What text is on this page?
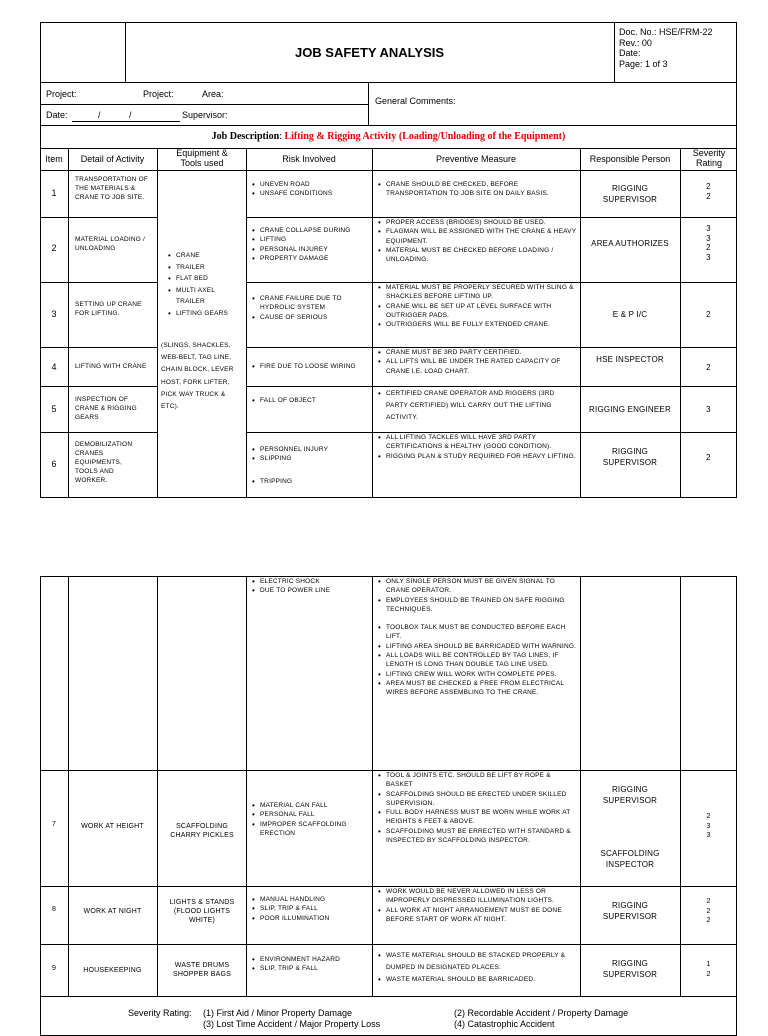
JOB SAFETY ANALYSIS
Doc. No.: HSE/FRM-22
Rev.: 00
Date:
Page: 1 of 3
Project:	Project:	Area:
General Comments:
Date:	/ /	Supervisor:
Job Description: Lifting & Rigging Activity (Loading/Unloading of the Equipment)
Item	Detail of Activity
Equipment & Tools used	Risk Involved	Preventive Measure	Responsible Person
Severity Rating
• CRANE
• TRAILER
• FLAT BED
• MULTI AXEL TRAILER
• LIFTING GEARS
(SLINGS, SHACKLES, WEB-BELT, TAG LINE, CHAIN BLOCK, LEVER HOST, FORK LIFTER, PICK WAY TRUCK & ETC).
1
TRANSPORTATION OF THE MATERIALS & CRANE TO JOB SITE.
• UNEVEN ROAD
• UNSAFE CONDITIONS
• CRANE SHOULD BE CHECKED, BEFORE TRANSPORTATION TO JOB SITE ON DAILY BASIS.
RIGGING SUPERVISOR
2
2
2
MATERIAL LOADING / UNLOADING
• CRANE COLLAPSE DURING
• LIFTING
• PERSONAL INJUREY
• PROPERTY DAMAGE
• PROPER ACCESS (BRIDGES) SHOULD BE USED.
• FLAGMAN WILL BE ASSIGNED WITH THE CRANE & HEAVY EQUIPMENT.
• MATERIAL MUST BE CHECKED BEFORE LOADING / UNLOADING.
AREA AUTHORIZES
3
3
2
3
3
SETTING UP CRANE FOR LIFTING.
• CRANE FAILURE DUE TO HYDROLIC SYSTEM
• CAUSE OF SERIOUS
• MATERIAL MUST BE PROPERLY SECURED WITH SLING & SHACKLES BEFORE LIFTING UP.
• CRANE WILL BE SET UP AT LEVEL SURFACE WITH OUTRIGGER PADS.
• OUTRIGGERS WILL BE FULLY EXTENDED CRANE.
E & P I/C	2
4	LIFTING WITH CRANE
•	FIRE DUE TO LOOSE WIRING
• CRANE MUST BE 3RD PARTY CERTIFIED.
• ALL LIFTS WILL BE UNDER THE RATED CAPACITY OF CRANE I.E. LOAD CHART.
HSE INSPECTOR
2
5
INSPECTION OF CRANE & RIGGING GEARS
• FALL OF OBJECT
• CERTIFIED CRANE OPERATOR AND RIGGERS (3RD PARTY CERTIFIED) WILL CARRY OUT THE LIFTING ACTIVITY.
RIGGING ENGINEER	3
6
DEMOBILIZATION CRANES EQUIPMENTS, TOOLS AND WORKER.
• PERSONNEL INJURY
• SLIPPING
• TRIPPING
• ALL LIFTING TACKLES WILL HAVE 3RD PARTY CERTIFICATIONS & HEALTHY (GOOD CONDITION).
• RIGGING PLAN & STUDY REQUIRED FOR HEAVY LIFTING.
RIGGING SUPERVISOR
2
• ELECTRIC SHOCK
• DUE TO POWER LINE
• ONLY SINGLE PERSON MUST BE GIVEN SIGNAL TO CRANE OPERATOR.
• EMPLOYEES SHOULD BE TRAINED ON SAFE RIGGING TECHNIQUES.
• TOOLBOX TALK MUST BE CONDUCTED BEFORE EACH LIFT.
• LIFTING AREA SHOULD BE BARRICADED WITH WARNING.
• ALL LOADS WILL BE CONTROLLED BY TAG LINES, IF LENGTH IS LONG THAN DOUBLE TAG LINE USED.
• LIFTING CREW WILL WORK WITH COMPLETE PPES.
• AREA MUST BE CHECKED & FREE FROM ELECTRICAL WIRES BEFORE ASSEMBLING TO THE CRANE.
7	WORK AT HEIGHT	SCAFFOLDING CHARRY PICKLES
• MATERIAL CAN FALL
• PERSONAL FALL
• IMPROPER SCAFFOLDING ERECTION
• TOOL & JOINTS ETC. SHOULD BE LIFT BY ROPE & BASKET
• SCAFFOLDING SHOULD BE ERECTED UNDER SKILLED SUPERVISION.
• FULL BODY HARNESS MUST BE WORN WHILE WORK AT HEIGHTS 6 FEET & ABOVE.
• SCAFFOLDING MUST BE ERRECTED WITH STANDARD & INSPECTED BY SCAFFOLDING INSPECTOR.
RIGGING SUPERVISOR
SCAFFOLDING INSPECTOR
2
3
3
8	WORK AT NIGHT
LIGHTS & STANDS (FLOOD LIGHTS WHITE)
• MANUAL HANDLING
• SLIP, TRIP & FALL
• POOR ILLUMINATION
• WORK WOULD BE NEVER ALLOWED IN LESS OR IMPROPERLY DISPRESSED ILLUMINATION LIGHTS.
• ALL WORK AT NIGHT ARRANGEMENT MUST BE DONE BEFORE START OF WORK AT NIGHT.
RIGGING SUPERVISOR
2
2
2
9	HOUSEKEEPING
WASTE DRUMS SHOPPER BAGS
• ENVIRONMENT HAZARD
• SLIP, TRIP & FALL
• WASTE MATERIAL SHOULD BE STACKED PROPERLY & DUMPED IN DESIGNATED PLACES.
• WASTE MATERIAL SHOULD BE BARRICADED.
RIGGING SUPERVISOR
1
2
Severity Rating: (1) First Aid / Minor Property Damage	(2) Recordable Accident / Property Damage
(3) Lost Time Accident / Major Property Loss	(4) Catastrophic Accident
